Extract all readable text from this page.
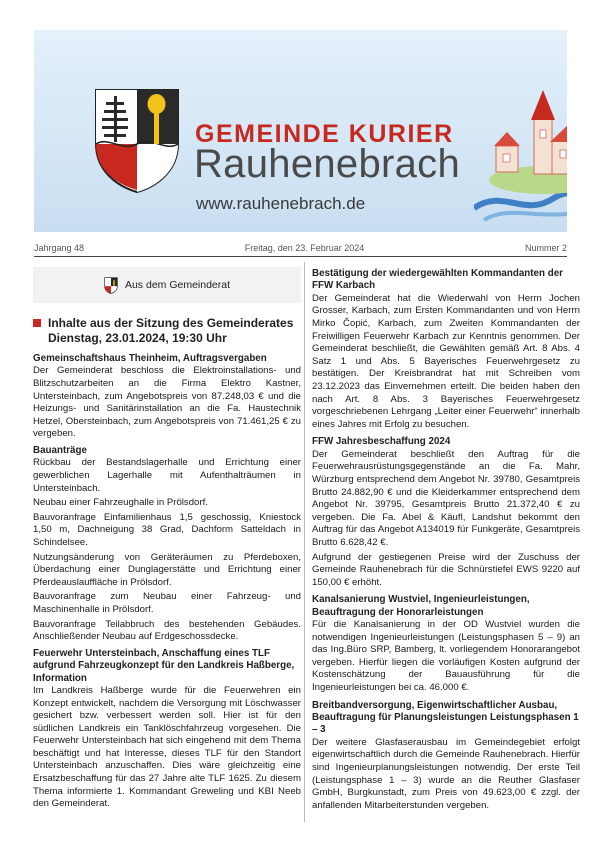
GEMEINDE KURIER
Rauhenebrach
www.rauhenebrach.de
Jahrgang 48	Freitag, den 23. Februar 2024	Nummer 2
Aus dem Gemeinderat
Inhalte aus der Sitzung des Gemeinderates Dienstag, 23.01.2024, 19:30 Uhr
Gemeinschaftshaus Theinheim, Auftragsvergaben

Der Gemeinderat beschloss die Elektroinstallations- und Blitzschutzarbeiten an die Firma Elektro Kastner, Untersteinbach, zum Angebotspreis von 87.248,03 € und die Heizungs- und Sanitärinstallation an die Fa. Haustechnik Hetzel, Obersteinbach, zum Angebotspreis von 71.461,25 € zu vergeben.

Bauanträge

Rückbau der Bestandslagerhalle und Errichtung einer gewerblichen Lagerhalle mit Aufenthalträumen in Untersteinbach.

Neubau einer Fahrzeughalle in Prölsdorf.

Bauvoranfrage Einfamilienhaus 1,5 geschossig, Kniestock 1,50 m, Dachneigung 38 Grad, Dachform Satteldach in Schindelsee.

Nutzungsänderung von Geräteräumen zu Pferdeboxen, Überdachung einer Dunglagerstätte und Errichtung einer Pferdeauslauffläche in Prölsdorf.

Bauvoranfrage zum Neubau einer Fahrzeug- und Maschinenhalle in Prölsdorf.

Bauvoranfrage Teilabbruch des bestehenden Gebäudes. Anschließender Neubau auf Erdgeschossdecke.

Feuerwehr Untersteinbach, Anschaffung eines TLF aufgrund Fahrzeugkonzept für den Landkreis Haßberge, Information

Im Landkreis Haßberge wurde für die Feuerwehren ein Konzept entwickelt, nachdem die Versorgung mit Löschwasser gesichert bzw. verbessert werden soll. Hier ist für den südlichen Landkreis ein Tanklöschfahrzeug vorgesehen. Die Feuerwehr Untersteinbach hat sich eingehend mit dem Thema beschäftigt und hat Interesse, dieses TLF für den Standort Untersteinbach anzuschaffen. Dies wäre gleichzeitig eine Ersatzbeschaffung für das 27 Jahre alte TLF 1625. Zu diesem Thema informierte 1. Kommandant Greweling und KBI Neeb den Gemeinderat.

Bestätigung der wiedergewählten Kommandanten der FFW Karbach

Der Gemeinderat hat die Wiederwahl von Herrn Jochen Grosser, Karbach, zum Ersten Kommandanten und von Herrn Mirko Čopić, Karbach, zum Zweiten Kommandanten der Freiwilligen Feuerwehr Karbach zur Kenntnis genommen. Der Gemeinderat beschließt, die Gewählten gemäß Art. 8 Abs. 4 Satz 1 und Abs. 5 Bayerisches Feuerwehrgesetz zu bestätigen. Der Kreisbrandrat hat mit Schreiben vom 23.12.2023 das Einvernehmen erteilt. Die beiden haben den nach Art. 8 Abs. 3 Bayerisches Feuerwehrgesetz vorgeschriebenen Lehrgang „Leiter einer Feuerwehr“ innerhalb eines Jahres mit Erfolg zu besuchen.

FFW Jahresbeschaffung 2024

Der Gemeinderat beschließt den Auftrag für die Feuerwehrausrüstungsgegenstände an die Fa. Mahr, Würzburg entsprechend dem Angebot Nr. 39780, Gesamtpreis Brutto 24.882,90 € und die Kleiderkammer entsprechend dem Angebot Nr. 39795, Gesamtpreis Brutto 21.372,40 € zu vergeben. Die Fa. Abel & Käufl, Landshut bekommt den Auftrag für das Angebot A134019 für Funkgeräte, Gesamtpreis Brutto 6.628,42 €.

Aufgrund der gestiegenen Preise wird der Zuschuss der Gemeinde Rauhenebrach für die Schnürstiefel EWS 9220 auf 150,00 € erhöht.

Kanalsanierung Wustviel, Ingenieurleistungen, Beauftragung der Honorarleistungen

Für die Kanalsanierung in der OD Wustviel wurden die notwendigen Ingenieurleistungen (Leistungsphasen 5 – 9) an das Ing.Büro SRP, Bamberg, lt. vorliegendem Honorarangebot vergeben. Hierfür liegen die vorläufigen Kosten aufgrund der Kostenschätzung der Bauausführung für die Ingenieurleistungen bei ca. 46.000 €.

Breitbandversorgung, Eigenwirtschaftlicher Ausbau, Beauftragung für Planungsleistungen Leistungsphasen 1 – 3

Der weitere Glasfaserausbau im Gemeindegebiet erfolgt eigenwirtschaftlich durch die Gemeinde Rauhenebrach. Hierfür sind Ingenieurplanungsleistungen notwendig. Der erste Teil (Leistungsphase 1 – 3) wurde an die Reuther Glasfaser GmbH, Burgkunstadt, zum Preis von 49.623,00 € zzgl. der anfallenden Mitarbeiterstunden vergeben.
